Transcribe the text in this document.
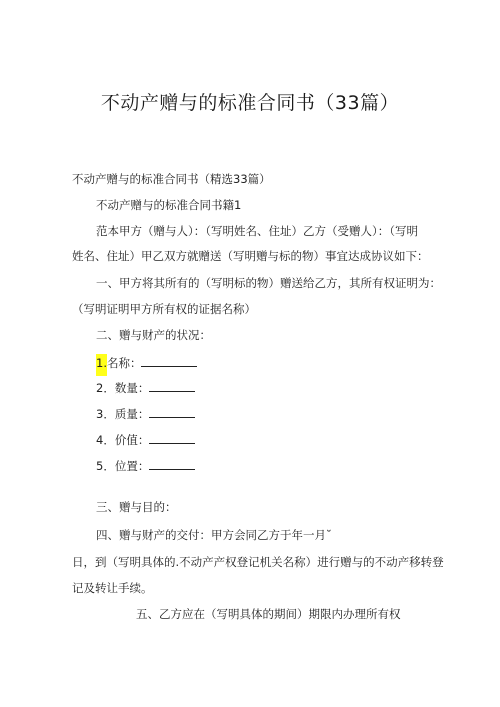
不动产赠与的标准合同书（33篇）
不动产赠与的标准合同书（精选33篇）
不动产赠与的标准合同书籍1
范本甲方（赠与人）：（写明姓名、住址）乙方（受赠人）：（写明
姓名、住址）甲乙双方就赠送（写明赠与标的物）事宜达成协议如下：
一、甲方将其所有的（写明标的物）赠送给乙方，其所有权证明为：
（写明证明甲方所有权的证据名称）
二、赠与财产的状况：
1.名称：
2．数量：
3．质量：
4．价值：
5．位置：
三、赠与目的：
四、赠与财产的交付：甲方会同乙方于年一月˘
日，到（写明具体的.不动产产权登记机关名称）进行赠与的不动产移转登
记及转让手续。
五、乙方应在（写明具体的期间）期限内办理所有权
